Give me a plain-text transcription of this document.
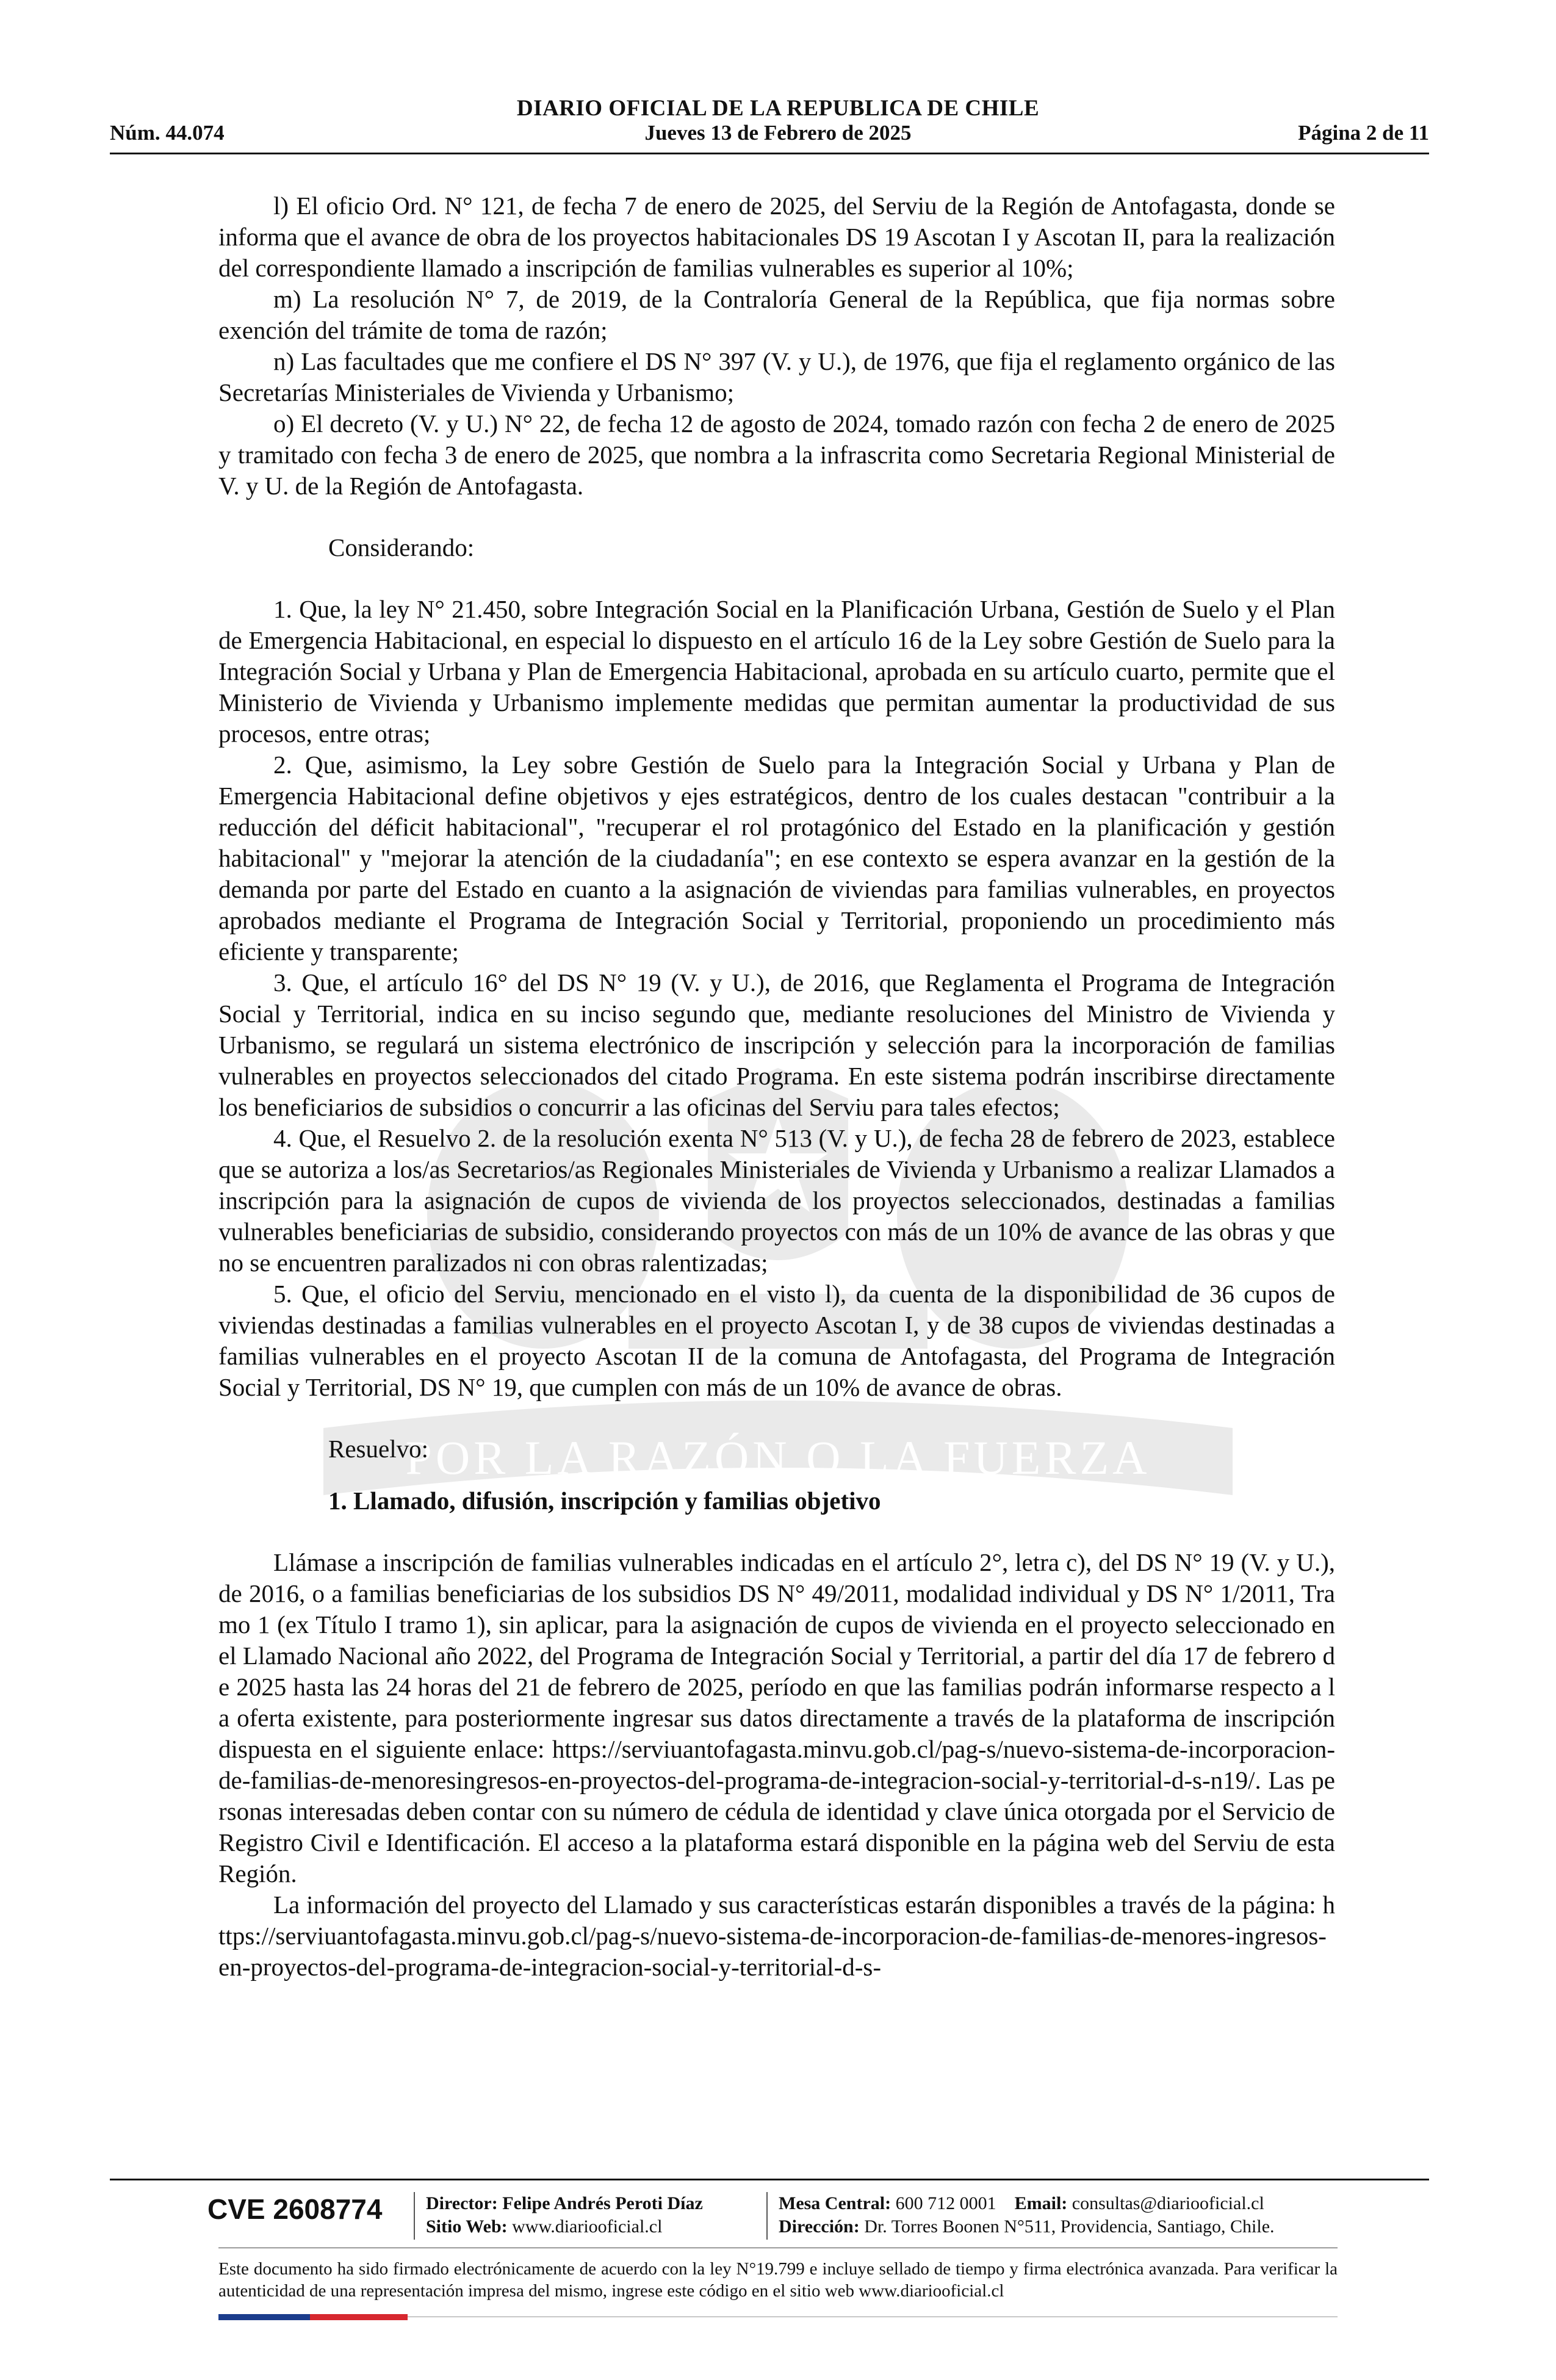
DIARIO OFICIAL DE LA REPUBLICA DE CHILE
Núm. 44.074	Jueves 13 de Febrero de 2025	Página 2 de 11
POR LA RAZÓN O LA FUERZA

l) El oficio Ord. N° 121, de fecha 7 de enero de 2025, del Serviu de la Región de Antofagasta, donde se informa que el avance de obra de los proyectos habitacionales DS 19 Ascotan I y Ascotan II, para la realización del correspondiente llamado a inscripción de familias vulnerables es superior al 10%;

m) La resolución N° 7, de 2019, de la Contraloría General de la República, que fija normas sobre exención del trámite de toma de razón;

n) Las facultades que me confiere el DS N° 397 (V. y U.), de 1976, que fija el reglamento orgánico de las Secretarías Ministeriales de Vivienda y Urbanismo;

o) El decreto (V. y U.) N° 22, de fecha 12 de agosto de 2024, tomado razón con fecha 2 de enero de 2025 y tramitado con fecha 3 de enero de 2025, que nombra a la infrascrita como Secretaria Regional Ministerial de V. y U. de la Región de Antofagasta.

Considerando:

1. Que, la ley N° 21.450, sobre Integración Social en la Planificación Urbana, Gestión de Suelo y el Plan de Emergencia Habitacional, en especial lo dispuesto en el artículo 16 de la Ley sobre Gestión de Suelo para la Integración Social y Urbana y Plan de Emergencia Habitacional, aprobada en su artículo cuarto, permite que el Ministerio de Vivienda y Urbanismo implemente medidas que permitan aumentar la productividad de sus procesos, entre otras;

2. Que, asimismo, la Ley sobre Gestión de Suelo para la Integración Social y Urbana y Plan de Emergencia Habitacional define objetivos y ejes estratégicos, dentro de los cuales destacan "contribuir a la reducción del déficit habitacional", "recuperar el rol protagónico del Estado en la planificación y gestión habitacional" y "mejorar la atención de la ciudadanía"; en ese contexto se espera avanzar en la gestión de la demanda por parte del Estado en cuanto a la asignación de viviendas para familias vulnerables, en proyectos aprobados mediante el Programa de Integración Social y Territorial, proponiendo un procedimiento más eficiente y transparente;

3. Que, el artículo 16° del DS N° 19 (V. y U.), de 2016, que Reglamenta el Programa de Integración Social y Territorial, indica en su inciso segundo que, mediante resoluciones del Ministro de Vivienda y Urbanismo, se regulará un sistema electrónico de inscripción y selección para la incorporación de familias vulnerables en proyectos seleccionados del citado Programa. En este sistema podrán inscribirse directamente los beneficiarios de subsidios o concurrir a las oficinas del Serviu para tales efectos;

4. Que, el Resuelvo 2. de la resolución exenta N° 513 (V. y U.), de fecha 28 de febrero de 2023, establece que se autoriza a los/as Secretarios/as Regionales Ministeriales de Vivienda y Urbanismo a realizar Llamados a inscripción para la asignación de cupos de vivienda de los proyectos seleccionados, destinadas a familias vulnerables beneficiarias de subsidio, considerando proyectos con más de un 10% de avance de las obras y que no se encuentren paralizados ni con obras ralentizadas;

5. Que, el oficio del Serviu, mencionado en el visto l), da cuenta de la disponibilidad de 36 cupos de viviendas destinadas a familias vulnerables en el proyecto Ascotan I, y de 38 cupos de viviendas destinadas a familias vulnerables en el proyecto Ascotan II de la comuna de Antofagasta, del Programa de Integración Social y Territorial, DS N° 19, que cumplen con más de un 10% de avance de obras.

Resuelvo:

1. Llamado, difusión, inscripción y familias objetivo

Llámase a inscripción de familias vulnerables indicadas en el artículo 2°, letra c), del DS N° 19 (V. y U.), de 2016, o a familias beneficiarias de los subsidios DS N° 49/2011, modalidad individual y DS N° 1/2011, Tramo 1 (ex Título I tramo 1), sin aplicar, para la asignación de cupos de vivienda en el proyecto seleccionado en el Llamado Nacional año 2022, del Programa de Integración Social y Territorial, a partir del día 17 de febrero de 2025 hasta las 24 horas del 21 de febrero de 2025, período en que las familias podrán informarse respecto a la oferta existente, para posteriormente ingresar sus datos directamente a través de la plataforma de inscripción dispuesta en el siguiente enlace: https://serviuantofagasta.minvu.gob.cl/pag-s/nuevo-sistema-de-incorporacion-de-familias-de-menoresingresos-en-proyectos-del-programa-de-integracion-social-y-territorial-d-s-n19/. Las personas interesadas deben contar con su número de cédula de identidad y clave única otorgada por el Servicio de Registro Civil e Identificación. El acceso a la plataforma estará disponible en la página web del Serviu de esta Región.

La información del proyecto del Llamado y sus características estarán disponibles a través de la página: https://serviuantofagasta.minvu.gob.cl/pag-s/nuevo-sistema-de-incorporacion-de-familias-de-menores-ingresos-en-proyectos-del-programa-de-integracion-social-y-territorial-d-s-

CVE 2608774 Director: Felipe Andrés Peroti Díaz
Sitio Web: www.diariooficial.cl
Mesa Central: 600 712 0001 Email: consultas@diariooficial.cl
Dirección: Dr. Torres Boonen N°511, Providencia, Santiago, Chile.
Este documento ha sido firmado electrónicamente de acuerdo con la ley N°19.799 e incluye sellado de tiempo y firma electrónica avanzada. Para verificar la autenticidad de una representación impresa del mismo, ingrese este código en el sitio web www.diariooficial.cl
